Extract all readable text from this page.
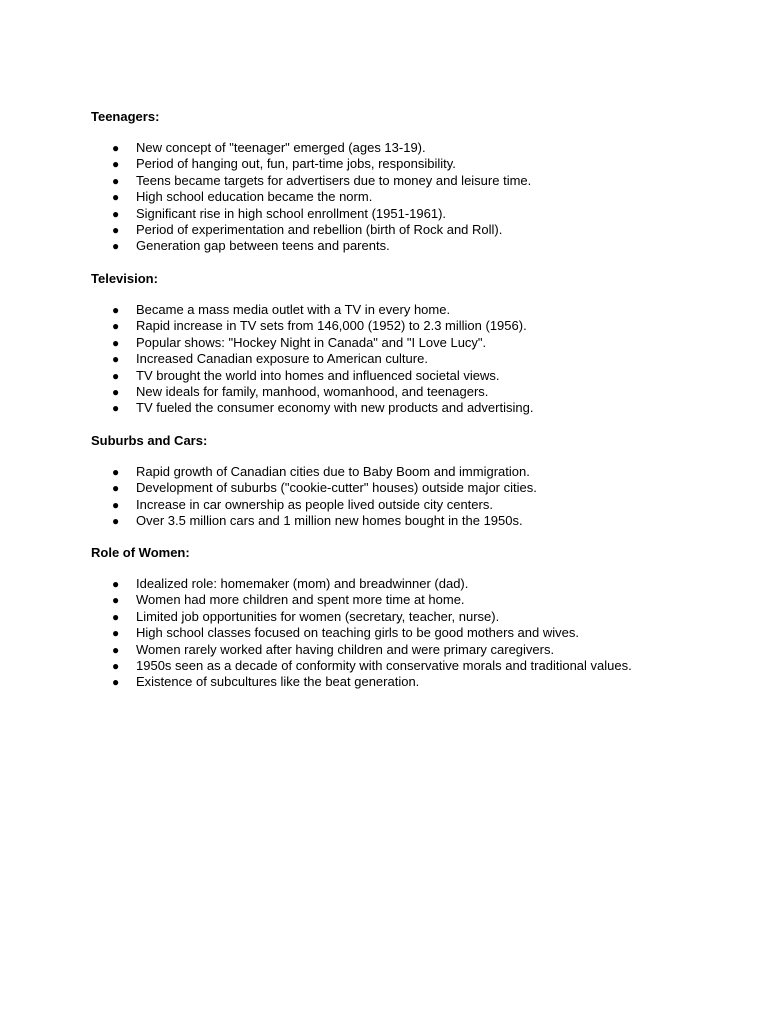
Teenagers:
● New concept of "teenager" emerged (ages 13-19).
● Period of hanging out, fun, part-time jobs, responsibility.
● Teens became targets for advertisers due to money and leisure time.
● High school education became the norm.
● Significant rise in high school enrollment (1951-1961).
● Period of experimentation and rebellion (birth of Rock and Roll).
● Generation gap between teens and parents.
Television:
● Became a mass media outlet with a TV in every home.
● Rapid increase in TV sets from 146,000 (1952) to 2.3 million (1956).
● Popular shows: "Hockey Night in Canada" and "I Love Lucy".
● Increased Canadian exposure to American culture.
● TV brought the world into homes and influenced societal views.
● New ideals for family, manhood, womanhood, and teenagers.
● TV fueled the consumer economy with new products and advertising.
Suburbs and Cars:
● Rapid growth of Canadian cities due to Baby Boom and immigration.
● Development of suburbs ("cookie-cutter" houses) outside major cities.
● Increase in car ownership as people lived outside city centers.
● Over 3.5 million cars and 1 million new homes bought in the 1950s.
Role of Women:
● Idealized role: homemaker (mom) and breadwinner (dad).
● Women had more children and spent more time at home.
● Limited job opportunities for women (secretary, teacher, nurse).
● High school classes focused on teaching girls to be good mothers and wives.
● Women rarely worked after having children and were primary caregivers.
● 1950s seen as a decade of conformity with conservative morals and traditional values.
● Existence of subcultures like the beat generation.
